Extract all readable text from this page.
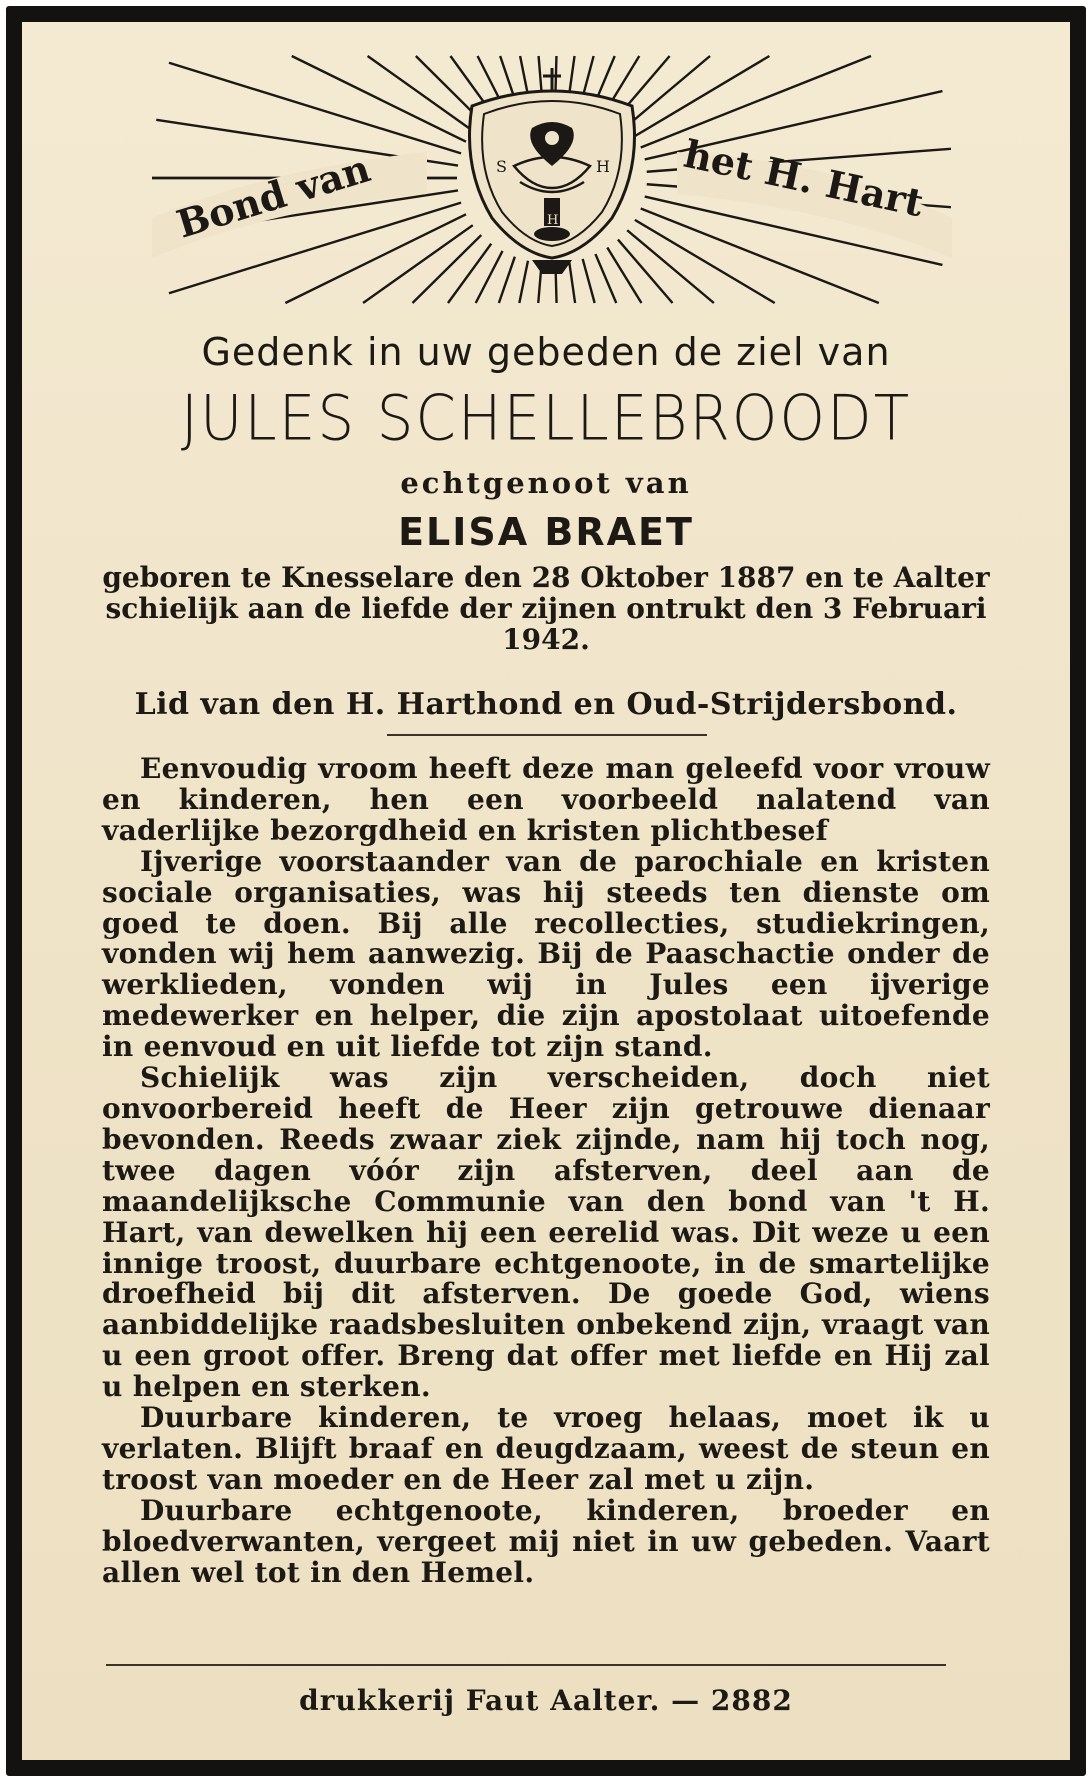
Bond van	het H. Hart
S	H
H
Gedenk in uw gebeden de ziel van
JULES SCHELLEBROODT
echtgenoot van
ELISA BRAET
geboren te Knesselare den 28 Oktober 1887 en te Aalter schielijk aan de liefde der zijnen ontrukt den 3 Februari 1942.
Lid van den H. Harthond en Oud-Strijdersbond.

Eenvoudig vroom heeft deze man geleefd voor vrouw en kinderen, hen een voorbeeld nalatend van vaderlijke bezorgdheid en kristen plichtbesef

Ijverige voorstaander van de parochiale en kristen sociale organisaties, was hij steeds ten dienste om goed te doen. Bij alle recollecties, studiekringen, vonden wij hem aanwezig. Bij de Paaschactie onder de werklieden, vonden wij in Jules een ijverige medewerker en helper, die zijn apostolaat uitoefende in eenvoud en uit liefde tot zijn stand.

Schielijk was zijn verscheiden, doch niet onvoorbereid heeft de Heer zijn getrouwe dienaar bevonden. Reeds zwaar ziek zijnde, nam hij toch nog, twee dagen vóór zijn afsterven, deel aan de maandelijksche Communie van den bond van 't H. Hart, van dewelken hij een eerelid was. Dit weze u een innige troost, duurbare echtgenoote, in de smartelijke droefheid bij dit afsterven. De goede God, wiens aanbiddelijke raadsbesluiten onbekend zijn, vraagt van u een groot offer. Breng dat offer met liefde en Hij zal u helpen en sterken.

Duurbare kinderen, te vroeg helaas, moet ik u verlaten. Blijft braaf en deugdzaam, weest de steun en troost van moeder en de Heer zal met u zijn.

Duurbare echtgenoote, kinderen, broeder en bloedverwanten, vergeet mij niet in uw gebeden. Vaart allen wel tot in den Hemel.

drukkerij Faut Aalter. — 2882
